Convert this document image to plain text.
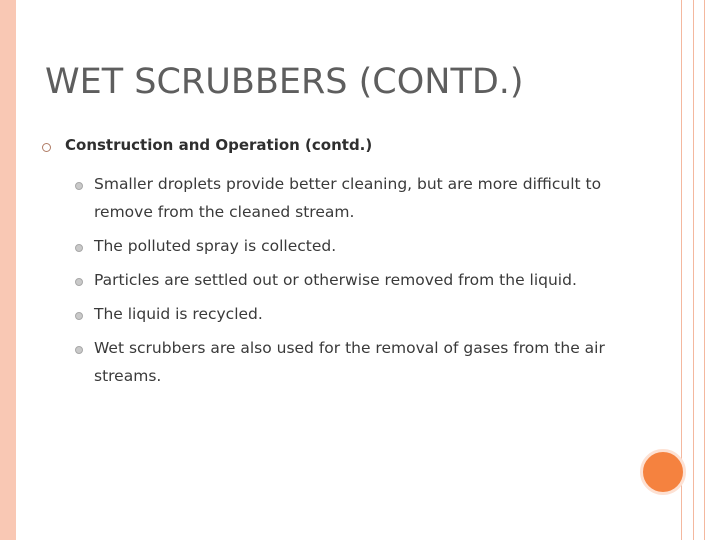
WET SCRUBBERS (CONTD.)
Construction and Operation (contd.)
Smaller droplets provide better cleaning, but are more difficult to remove from the cleaned stream.
The polluted spray is collected.
Particles are settled out or otherwise removed from the liquid.
The liquid is recycled.
Wet scrubbers are also used for the removal of gases from the air streams.
